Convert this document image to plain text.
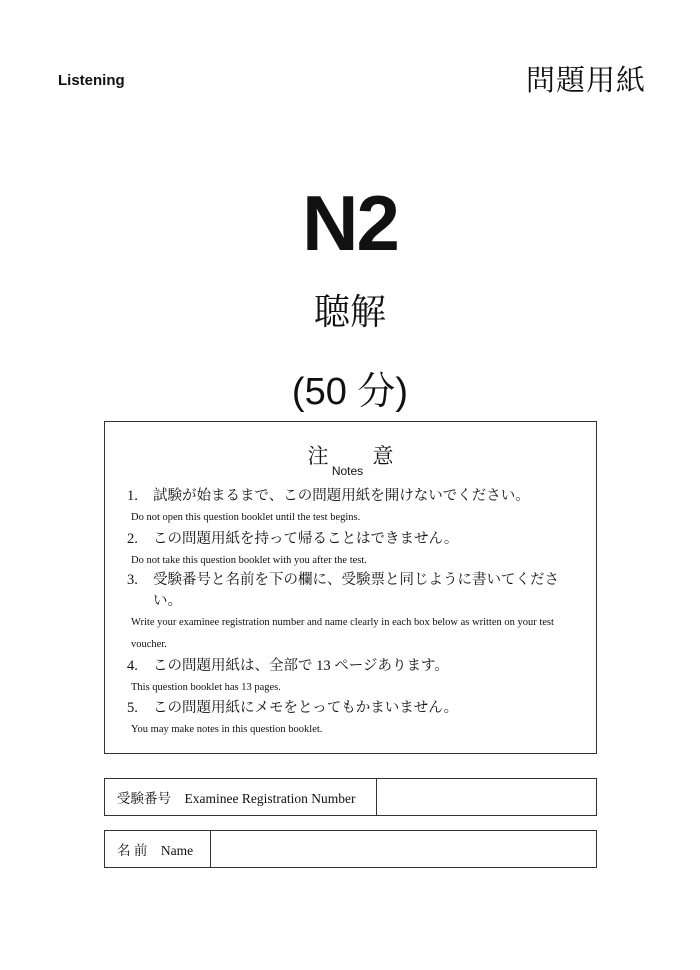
Listening	問題用紙
N2
聴解
(50 分)
注 意
Notes
1.	試験が始まるまで、この問題用紙を開けないでください。
Do not open this question booklet until the test begins.
2.	この問題用紙を持って帰ることはできません。
Do not take this question booklet with you after the test.
3.	受験番号と名前を下の欄に、受験票と同じように書いてください。
Write your examinee registration number and name clearly in each box below as written on your test voucher.
4.	この問題用紙は、全部で 13 ページあります。
This question booklet has 13 pages.
5.	この問題用紙にメモをとってもかまいません。
You may make notes in this question booklet.
受験番号　Examinee Registration Number
名 前　Name
